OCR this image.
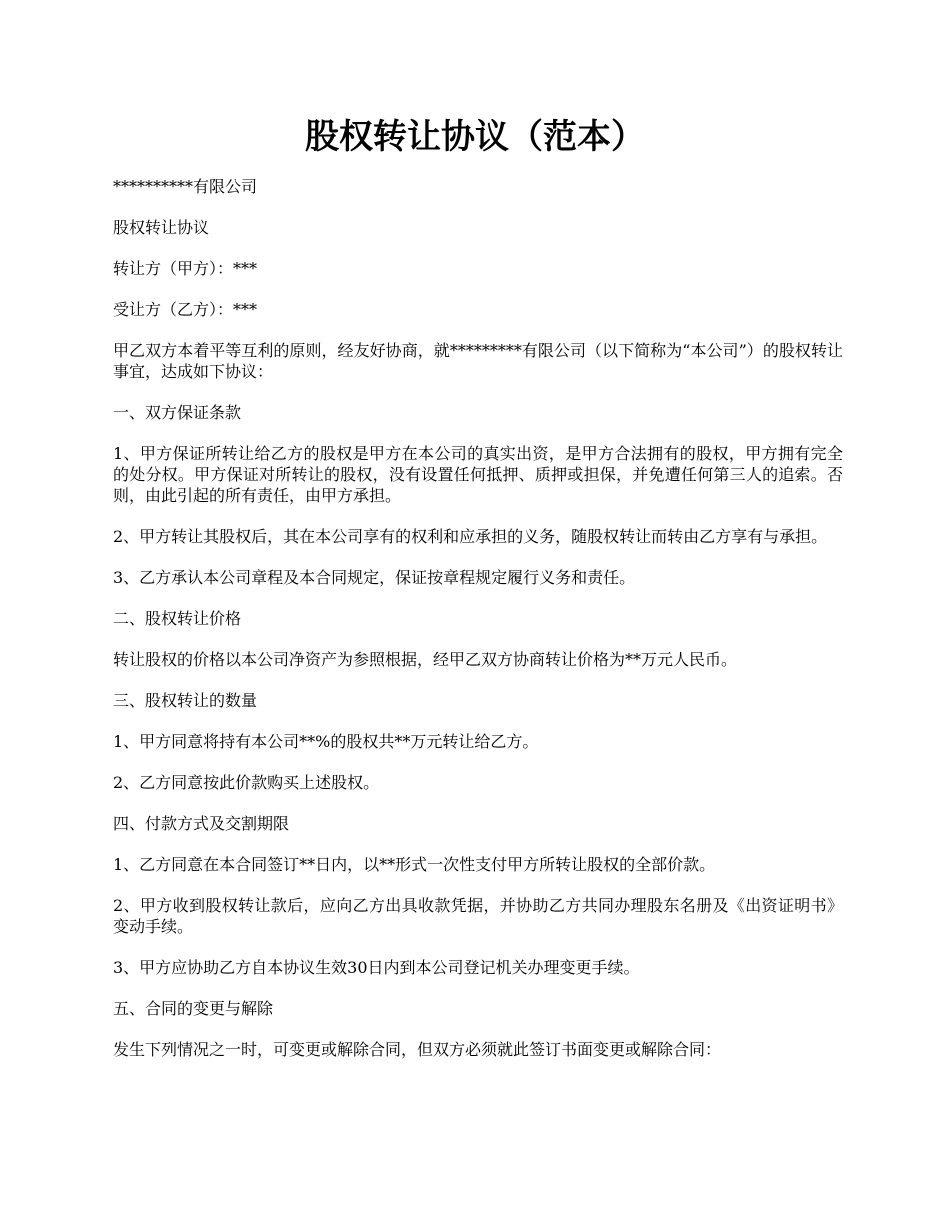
股权转让协议（范本）

**********有限公司

股权转让协议

转让方（甲方）：***

受让方（乙方）：***

甲乙双方本着平等互利的原则，经友好协商，就*********有限公司（以下简称为“本公司”）的股权转让事宜，达成如下协议：

一、双方保证条款

1、甲方保证所转让给乙方的股权是甲方在本公司的真实出资，是甲方合法拥有的股权，甲方拥有完全的处分权。甲方保证对所转让的股权，没有设置任何抵押、质押或担保，并免遭任何第三人的追索。否则，由此引起的所有责任，由甲方承担。

2、甲方转让其股权后，其在本公司享有的权利和应承担的义务，随股权转让而转由乙方享有与承担。

3、乙方承认本公司章程及本合同规定，保证按章程规定履行义务和责任。

二、股权转让价格

转让股权的价格以本公司净资产为参照根据，经甲乙双方协商转让价格为**万元人民币。

三、股权转让的数量

1、甲方同意将持有本公司**%的股权共**万元转让给乙方。

2、乙方同意按此价款购买上述股权。

四、付款方式及交割期限

1、乙方同意在本合同签订**日内，以**形式一次性支付甲方所转让股权的全部价款。

2、甲方收到股权转让款后，应向乙方出具收款凭据，并协助乙方共同办理股东名册及《出资证明书》变动手续。

3、甲方应协助乙方自本协议生效30日内到本公司登记机关办理变更手续。

五、合同的变更与解除

发生下列情况之一时，可变更或解除合同，但双方必须就此签订书面变更或解除合同：
